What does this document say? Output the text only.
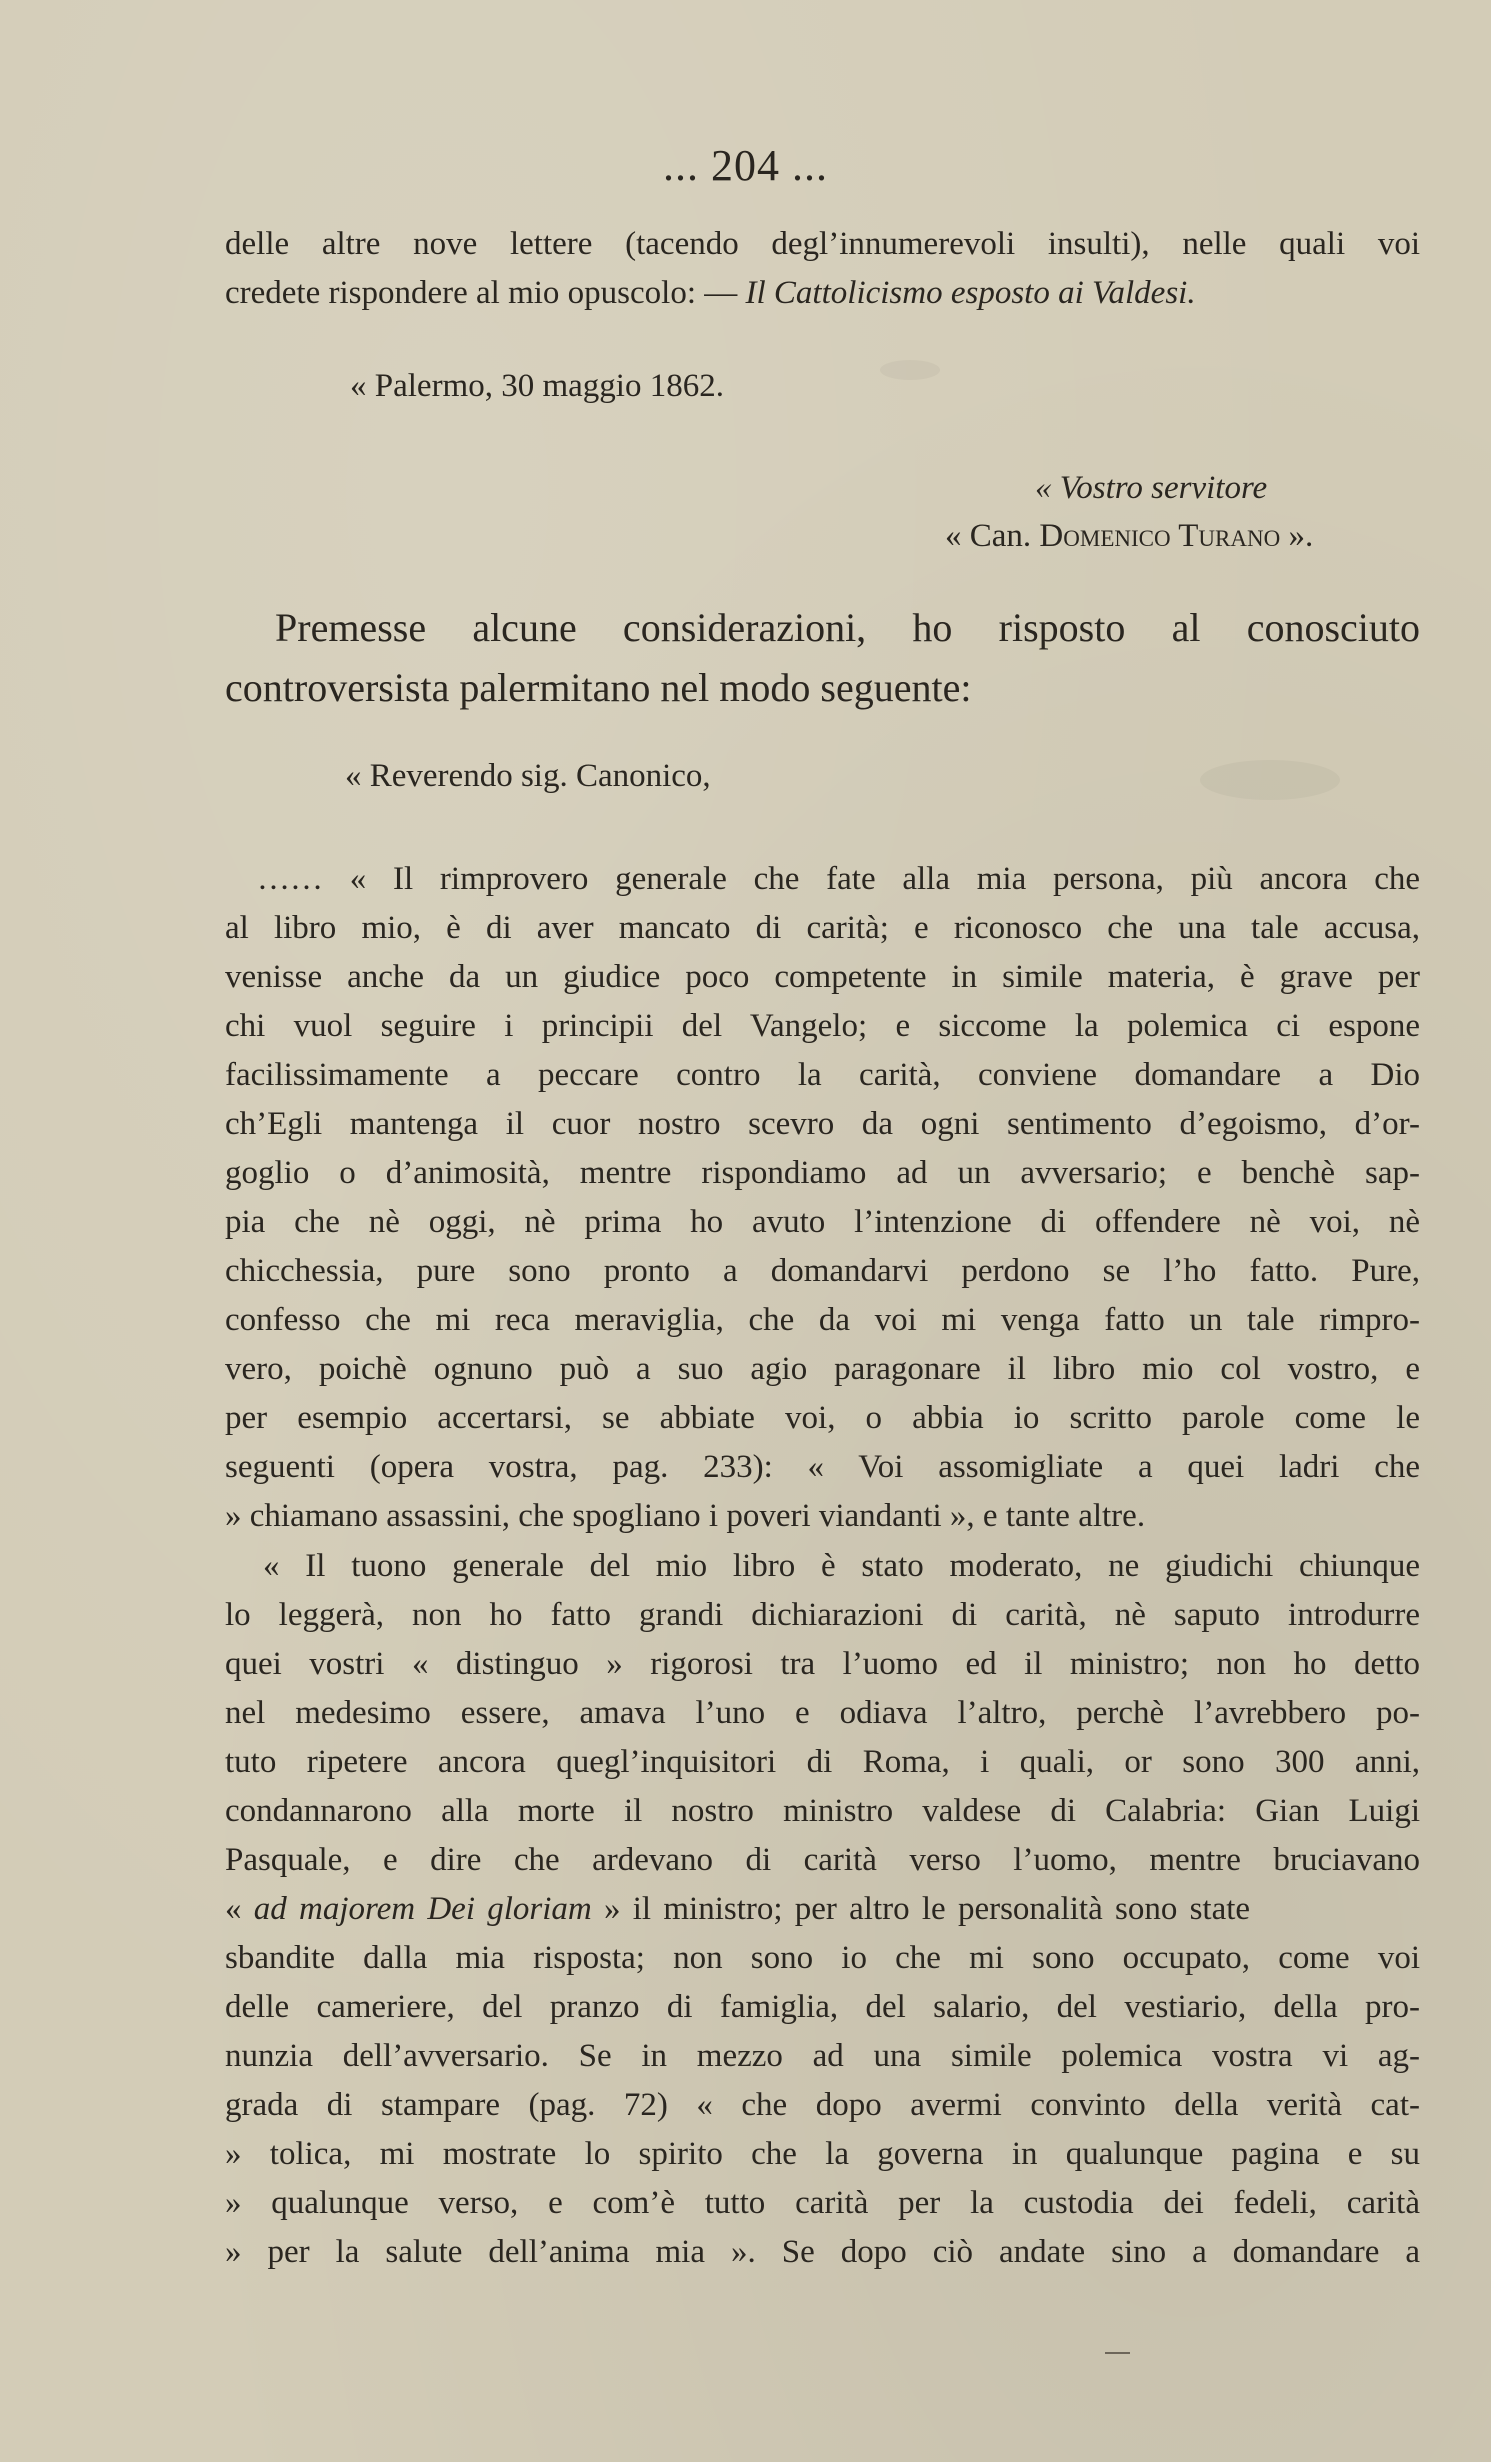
... 204 ...
delle altre nove lettere (tacendo degl’innumerevoli insulti), nelle quali voi
credete rispondere al mio opuscolo: — Il Cattolicismo esposto ai Valdesi.
« Palermo, 30 maggio 1862.
« Vostro servitore
« Can. Domenico Turano ».
Premesse alcune considerazioni, ho risposto al conosciuto
controversista palermitano nel modo seguente:
« Reverendo sig. Canonico,
…… « Il rimprovero generale che fate alla mia persona, più ancora che
al libro mio, è di aver mancato di carità; e riconosco che una tale accusa,
venisse anche da un giudice poco competente in simile materia, è grave per
chi vuol seguire i principii del Vangelo; e siccome la polemica ci espone
facilissimamente a peccare contro la carità, conviene domandare a Dio
ch’Egli mantenga il cuor nostro scevro da ogni sentimento d’egoismo, d’or-
goglio o d’animosità, mentre rispondiamo ad un avversario; e benchè sap-
pia che nè oggi, nè prima ho avuto l’intenzione di offendere nè voi, nè
chicchessia, pure sono pronto a domandarvi perdono se l’ho fatto. Pure,
confesso che mi reca meraviglia, che da voi mi venga fatto un tale rimpro-
vero, poichè ognuno può a suo agio paragonare il libro mio col vostro, e
per esempio accertarsi, se abbiate voi, o abbia io scritto parole come le
seguenti (opera vostra, pag. 233): « Voi assomigliate a quei ladri che
» chiamano assassini, che spogliano i poveri viandanti », e tante altre.
« Il tuono generale del mio libro è stato moderato, ne giudichi chiunque
lo leggerà, non ho fatto grandi dichiarazioni di carità, nè saputo introdurre
quei vostri « distinguo » rigorosi tra l’uomo ed il ministro; non ho detto
nel medesimo essere, amava l’uno e odiava l’altro, perchè l’avrebbero po-
tuto ripetere ancora quegl’inquisitori di Roma, i quali, or sono 300 anni,
condannarono alla morte il nostro ministro valdese di Calabria: Gian Luigi
Pasquale, e dire che ardevano di carità verso l’uomo, mentre bruciavano
« ad majorem Dei gloriam » il ministro; per altro le personalità sono state
sbandite dalla mia risposta; non sono io che mi sono occupato, come voi
delle cameriere, del pranzo di famiglia, del salario, del vestiario, della pro-
nunzia dell’avversario. Se in mezzo ad una simile polemica vostra vi ag-
grada di stampare (pag. 72) « che dopo avermi convinto della verità cat-
» tolica, mi mostrate lo spirito che la governa in qualunque pagina e su
» qualunque verso, e com’è tutto carità per la custodia dei fedeli, carità
» per la salute dell’anima mia ». Se dopo ciò andate sino a domandare a
